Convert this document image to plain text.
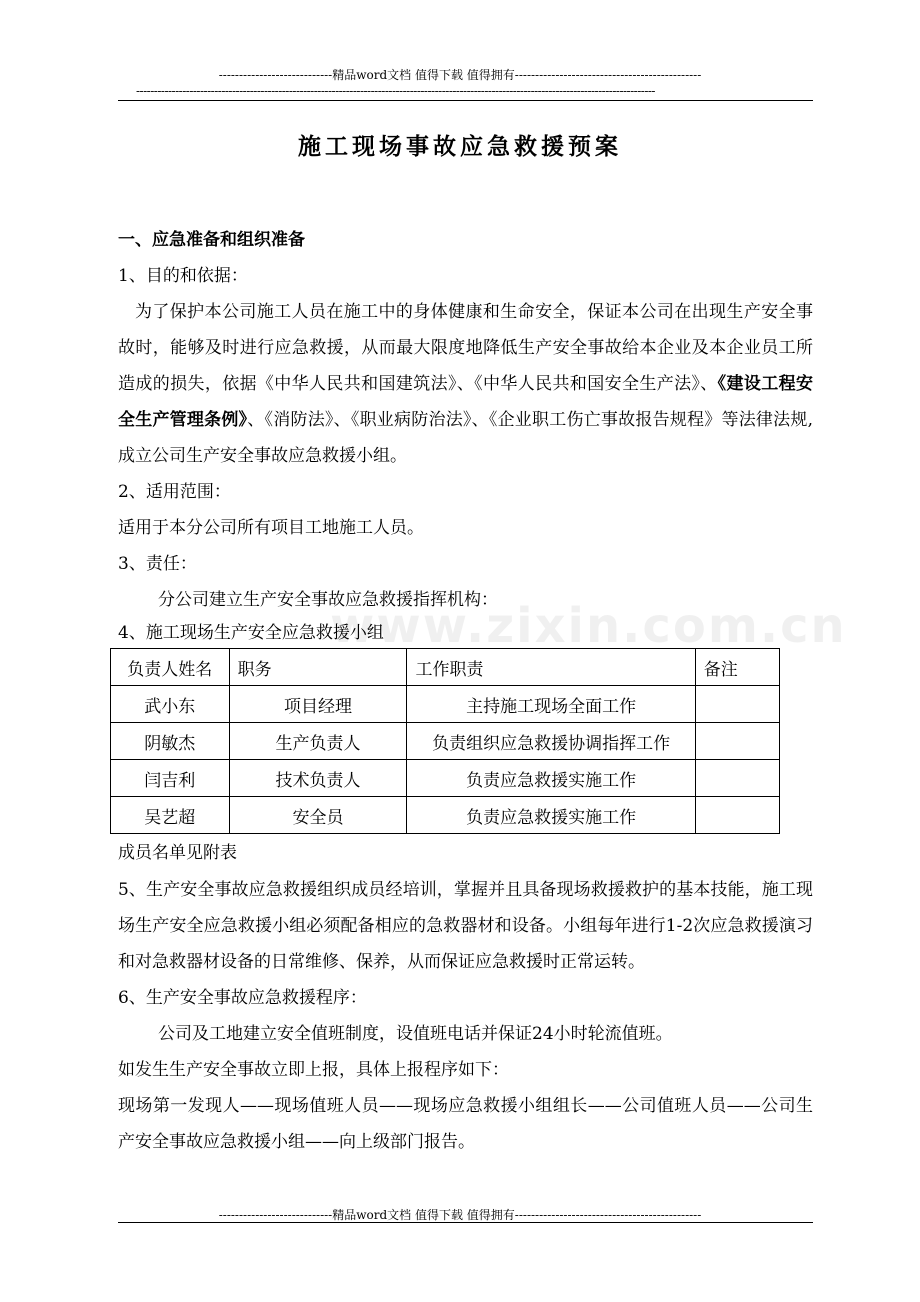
----------------------------精品word文档 值得下载 值得拥有----------------------------------------------
--------------------------------------------------------------------------------------------------------------------------------------------------
施工现场事故应急救援预案
www.zixin.com.cn

一、应急准备和组织准备

1、目的和依据：

为了保护本公司施工人员在施工中的身体健康和生命安全，保证本公司在出现生产安全事故时，能够及时进行应急救援，从而最大限度地降低生产安全事故给本企业及本企业员工所造成的损失，依据《中华人民共和国建筑法》、《中华人民共和国安全生产法》、《建设工程安全生产管理条例》、《消防法》、《职业病防治法》、《企业职工伤亡事故报告规程》等法律法规,成立公司生产安全事故应急救援小组。

2、适用范围：

适用于本分公司所有项目工地施工人员。

3、责任：

分公司建立生产安全事故应急救援指挥机构：

4、施工现场生产安全应急救援小组

负责人姓名	职务	工作职责	备注
武小东	项目经理	主持施工现场全面工作	
阴敏杰	生产负责人	负责组织应急救援协调指挥工作	
闫吉利	技术负责人	负责应急救援实施工作	
吴艺超	安全员	负责应急救援实施工作	

成员名单见附表

5、生产安全事故应急救援组织成员经培训，掌握并且具备现场救援救护的基本技能，施工现场生产安全应急救援小组必须配备相应的急救器材和设备。小组每年进行1-2次应急救援演习和对急救器材设备的日常维修、保养，从而保证应急救援时正常运转。

6、生产安全事故应急救援程序：

公司及工地建立安全值班制度，设值班电话并保证24小时轮流值班。

如发生生产安全事故立即上报，具体上报程序如下：

现场第一发现人——现场值班人员——现场应急救援小组组长——公司值班人员——公司生产安全事故应急救援小组——向上级部门报告。

----------------------------精品word文档 值得下载 值得拥有----------------------------------------------
